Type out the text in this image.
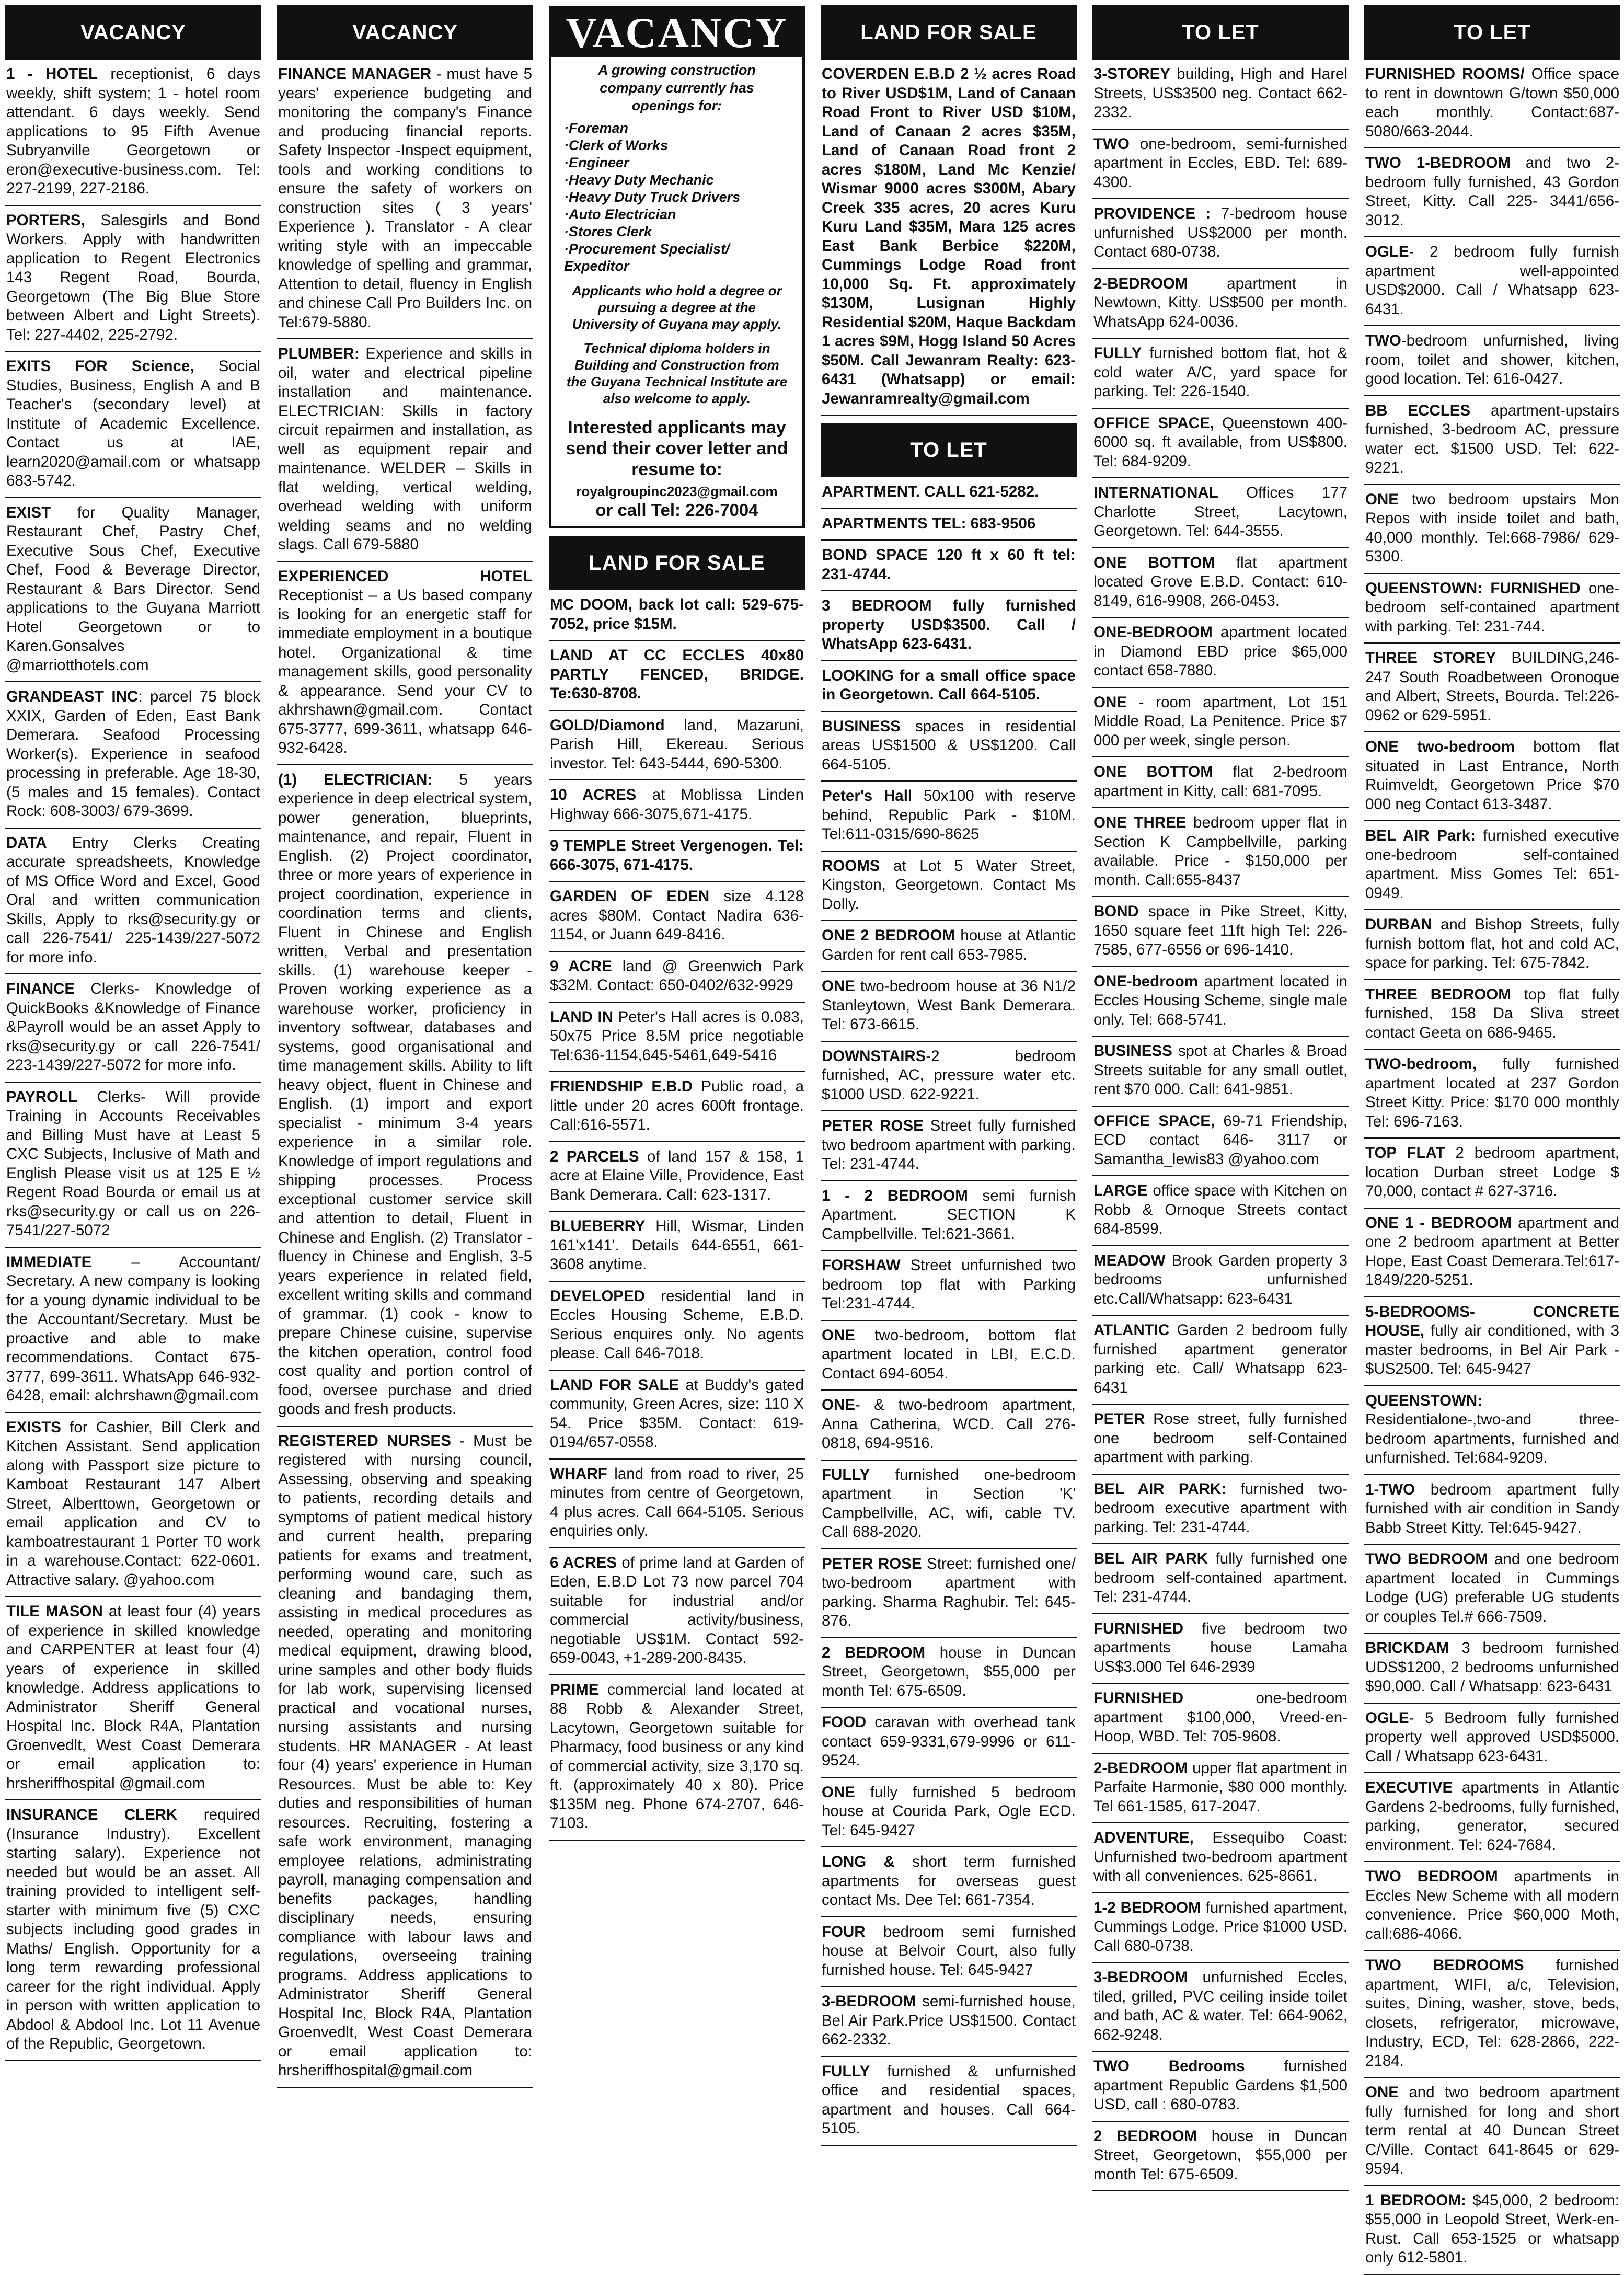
VACANCY
1 - HOTEL receptionist, 6 days weekly, shift system; 1 - hotel room attendant. 6 days weekly. Send applications to 95 Fifth Avenue Subryanville Georgetown or eron@executive-business.com. Tel: 227-2199, 227-2186.
PORTERS, Salesgirls and Bond Workers. Apply with handwritten application to Regent Electronics 143 Regent Road, Bourda, Georgetown (The Big Blue Store between Albert and Light Streets). Tel: 227-4402, 225-2792.
EXITS FOR Science, Social Studies, Business, English A and B Teacher's (secondary level) at Institute of Academic Excellence. Contact us at IAE, learn2020@amail.com or whatsapp 683-5742.
EXIST for Quality Manager, Restaurant Chef, Pastry Chef, Executive Sous Chef, Executive Chef, Food & Beverage Director, Restaurant & Bars Director. Send applications to the Guyana Marriott Hotel Georgetown or to Karen.Gonsalves @marriotthotels.com
GRANDEAST INC: parcel 75 block XXIX, Garden of Eden, East Bank Demerara. Seafood Processing Worker(s). Experience in seafood processing in preferable. Age 18-30, (5 males and 15 females). Contact Rock: 608-3003/ 679-3699.
DATA Entry Clerks Creating accurate spreadsheets, Knowledge of MS Office Word and Excel, Good Oral and written communication Skills, Apply to rks@security.gy or call 226-7541/ 225-1439/227-5072 for more info.
FINANCE Clerks- Knowledge of QuickBooks &Knowledge of Finance &Payroll would be an asset Apply to rks@security.gy or call 226-7541/ 223-1439/227-5072 for more info.
PAYROLL Clerks- Will provide Training in Accounts Receivables and Billing Must have at Least 5 CXC Subjects, Inclusive of Math and English Please visit us at 125 E ½ Regent Road Bourda or email us at rks@security.gy or call us on 226-7541/227-5072
IMMEDIATE – Accountant/ Secretary. A new company is looking for a young dynamic individual to be the Accountant/Secretary. Must be proactive and able to make recommendations. Contact 675-3777, 699-3611. WhatsApp 646-932-6428, email: alchrshawn@gmail.com
EXISTS for Cashier, Bill Clerk and Kitchen Assistant. Send application along with Passport size picture to Kamboat Restaurant 147 Albert Street, Alberttown, Georgetown or email application and CV to kamboatrestaurant 1 Porter T0 work in a warehouse.Contact: 622-0601. Attractive salary. @yahoo.com
TILE MASON at least four (4) years of experience in skilled knowledge and CARPENTER at least four (4) years of experience in skilled knowledge. Address applications to Administrator Sheriff General Hospital Inc. Block R4A, Plantation Groenvedlt, West Coast Demerara or email application to: hrsheriffhospital @gmail.com
INSURANCE CLERK required (Insurance Industry). Excellent starting salary). Experience not needed but would be an asset. All training provided to intelligent self-starter with minimum five (5) CXC subjects including good grades in Maths/ English. Opportunity for a long term rewarding professional career for the right individual. Apply in person with written application to Abdool & Abdool Inc. Lot 11 Avenue of the Republic, Georgetown.
VACANCY
FINANCE MANAGER - must have 5 years' experience budgeting and monitoring the company's Finance and producing financial reports. Safety Inspector -Inspect equipment, tools and working conditions to ensure the safety of workers on construction sites ( 3 years' Experience ). Translator - A clear writing style with an impeccable knowledge of spelling and grammar, Attention to detail, fluency in English and chinese Call Pro Builders Inc. on Tel:679-5880.
PLUMBER: Experience and skills in oil, water and electrical pipeline installation and maintenance. ELECTRICIAN: Skills in factory circuit repairmen and installation, as well as equipment repair and maintenance. WELDER – Skills in flat welding, vertical welding, overhead welding with uniform welding seams and no welding slags. Call 679-5880
EXPERIENCED HOTEL Receptionist – a Us based company is looking for an energetic staff for immediate employment in a boutique hotel. Organizational & time management skills, good personality & appearance. Send your CV to akhrshawn@gmail.com. Contact 675-3777, 699-3611, whatsapp 646-932-6428.
(1) ELECTRICIAN: 5 years experience in deep electrical system, power generation, blueprints, maintenance, and repair, Fluent in English. (2) Project coordinator, three or more years of experience in project coordination, experience in coordination terms and clients, Fluent in Chinese and English written, Verbal and presentation skills. (1) warehouse keeper - Proven working experience as a warehouse worker, proficiency in inventory softwear, databases and systems, good organisational and time management skills. Ability to lift heavy object, fluent in Chinese and English. (1) import and export specialist - minimum 3-4 years experience in a similar role. Knowledge of import regulations and shipping processes. Process exceptional customer service skill and attention to detail, Fluent in Chinese and English. (2) Translator - fluency in Chinese and English, 3-5 years experience in related field, excellent writing skills and command of grammar. (1) cook - know to prepare Chinese cuisine, supervise the kitchen operation, control food cost quality and portion control of food, oversee purchase and dried goods and fresh products.
REGISTERED NURSES - Must be registered with nursing council, Assessing, observing and speaking to patients, recording details and symptoms of patient medical history and current health, preparing patients for exams and treatment, performing wound care, such as cleaning and bandaging them, assisting in medical procedures as needed, operating and monitoring medical equipment, drawing blood, urine samples and other body fluids for lab work, supervising licensed practical and vocational nurses, nursing assistants and nursing students. HR MANAGER - At least four (4) years' experience in Human Resources. Must be able to: Key duties and responsibilities of human resources. Recruiting, fostering a safe work environment, managing employee relations, administrating payroll, managing compensation and benefits packages, handling disciplinary needs, ensuring compliance with labour laws and regulations, overseeing training programs. Address applications to Administrator Sheriff General Hospital Inc, Block R4A, Plantation Groenvedlt, West Coast Demerara or email application to: hrsheriffhospital@gmail.com
VACANCY
A growing construction company currently has openings for:
· Foreman
· Clerk of Works
· Engineer
· Heavy Duty Mechanic
· Heavy Duty Truck Drivers
· Auto Electrician
· Stores Clerk
· Procurement Specialist/ Expeditor
Applicants who hold a degree or pursuing a degree at the University of Guyana may apply.
Technical diploma holders in Building and Construction from the Guyana Technical Institute are also welcome to apply.
Interested applicants may send their cover letter and resume to:
royalgroupinc2023@gmail.com
or call Tel: 226-7004
LAND FOR SALE
MC DOOM, back lot call: 529-675-7052, price $15M.
LAND AT CC ECCLES 40x80 PARTLY FENCED, BRIDGE. Te:630-8708.
GOLD/Diamond land, Mazaruni, Parish Hill, Ekereau. Serious investor. Tel: 643-5444, 690-5300.
10 ACRES at Moblissa Linden Highway 666-3075,671-4175.
9 TEMPLE Street Vergenogen. Tel: 666-3075, 671-4175.
GARDEN OF EDEN size 4.128 acres $80M. Contact Nadira 636-1154, or Juann 649-8416.
9 ACRE land @ Greenwich Park $32M. Contact: 650-0402/632-9929
LAND IN Peter's Hall acres is 0.083, 50x75 Price 8.5M price negotiable Tel:636-1154,645-5461,649-5416
FRIENDSHIP E.B.D Public road, a little under 20 acres 600ft frontage. Call:616-5571.
2 PARCELS of land 157 & 158, 1 acre at Elaine Ville, Providence, East Bank Demerara. Call: 623-1317.
BLUEBERRY Hill, Wismar, Linden 161'x141'. Details 644-6551, 661-3608 anytime.
DEVELOPED residential land in Eccles Housing Scheme, E.B.D. Serious enquires only. No agents please. Call 646-7018.
LAND FOR SALE at Buddy's gated community, Green Acres, size: 110 X 54. Price $35M. Contact: 619-0194/657-0558.
WHARF land from road to river, 25 minutes from centre of Georgetown, 4 plus acres. Call 664-5105. Serious enquiries only.
6 ACRES of prime land at Garden of Eden, E.B.D Lot 73 now parcel 704 suitable for industrial and/or commercial activity/business, negotiable US$1M. Contact 592-659-0043, +1-289-200-8435.
PRIME commercial land located at 88 Robb & Alexander Street, Lacytown, Georgetown suitable for Pharmacy, food business or any kind of commercial activity, size 3,170 sq. ft. (approximately 40 x 80). Price $135M neg. Phone 674-2707, 646-7103.
LAND FOR SALE
COVERDEN E.B.D 2 ½ acres Road to River USD$1M, Land of Canaan Road Front to River USD $10M, Land of Canaan 2 acres $35M, Land of Canaan Road front 2 acres $180M, Land Mc Kenzie/ Wismar 9000 acres $300M, Abary Creek 335 acres, 20 acres Kuru Kuru Land $35M, Mara 125 acres East Bank Berbice $220M, Cummings Lodge Road front 10,000 Sq. Ft. approximately $130M, Lusignan Highly Residential $20M, Haque Backdam 1 acres $9M, Hogg Island 50 Acres $50M. Call Jewanram Realty: 623-6431 (Whatsapp) or email: Jewanramrealty@gmail.com
TO LET
APARTMENT. CALL 621-5282.
APARTMENTS TEL: 683-9506
BOND SPACE 120 ft x 60 ft tel: 231-4744.
3 BEDROOM fully furnished property USD$3500. Call / WhatsApp 623-6431.
LOOKING for a small office space in Georgetown. Call 664-5105.
BUSINESS spaces in residential areas US$1500 & US$1200. Call 664-5105.
Peter's Hall 50x100 with reserve behind, Republic Park - $10M. Tel:611-0315/690-8625
ROOMS at Lot 5 Water Street, Kingston, Georgetown. Contact Ms Dolly.
ONE 2 BEDROOM house at Atlantic Garden for rent call 653-7985.
ONE two-bedroom house at 36 N1/2 Stanleytown, West Bank Demerara. Tel: 673-6615.
DOWNSTAIRS-2 bedroom furnished, AC, pressure water etc. $1000 USD. 622-9221.
PETER ROSE Street fully furnished two bedroom apartment with parking. Tel: 231-4744.
1 - 2 BEDROOM semi furnish Apartment. SECTION K Campbellville. Tel:621-3661.
FORSHAW Street unfurnished two bedroom top flat with Parking Tel:231-4744.
ONE two-bedroom, bottom flat apartment located in LBI, E.C.D. Contact 694-6054.
ONE- & two-bedroom apartment, Anna Catherina, WCD. Call 276-0818, 694-9516.
FULLY furnished one-bedroom apartment in Section 'K' Campbellville, AC, wifi, cable TV. Call 688-2020.
PETER ROSE Street: furnished one/ two-bedroom apartment with parking. Sharma Raghubir. Tel: 645-876.
2 BEDROOM house in Duncan Street, Georgetown, $55,000 per month Tel: 675-6509.
FOOD caravan with overhead tank contact 659-9331,679-9996 or 611-9524.
ONE fully furnished 5 bedroom house at Courida Park, Ogle ECD. Tel: 645-9427
LONG & short term furnished apartments for overseas guest contact Ms. Dee Tel: 661-7354.
FOUR bedroom semi furnished house at Belvoir Court, also fully furnished house. Tel: 645-9427
3-BEDROOM semi-furnished house, Bel Air Park.Price US$1500. Contact 662-2332.
FULLY furnished & unfurnished office and residential spaces, apartment and houses. Call 664-5105.
TO LET
3-STOREY building, High and Harel Streets, US$3500 neg. Contact 662-2332.
TWO one-bedroom, semi-furnished apartment in Eccles, EBD. Tel: 689-4300.
PROVIDENCE : 7-bedroom house unfurnished US$2000 per month. Contact 680-0738.
2-BEDROOM apartment in Newtown, Kitty. US$500 per month. WhatsApp 624-0036.
FULLY furnished bottom flat, hot & cold water A/C, yard space for parking. Tel: 226-1540.
OFFICE SPACE, Queenstown 400-6000 sq. ft available, from US$800. Tel: 684-9209.
INTERNATIONAL Offices 177 Charlotte Street, Lacytown, Georgetown. Tel: 644-3555.
ONE BOTTOM flat apartment located Grove E.B.D. Contact: 610-8149, 616-9908, 266-0453.
ONE-BEDROOM apartment located in Diamond EBD price $65,000 contact 658-7880.
ONE - room apartment, Lot 151 Middle Road, La Penitence. Price $7 000 per week, single person.
ONE BOTTOM flat 2-bedroom apartment in Kitty, call: 681-7095.
ONE THREE bedroom upper flat in Section K Campbellville, parking available. Price - $150,000 per month. Call:655-8437
BOND space in Pike Street, Kitty, 1650 square feet 11ft high Tel: 226-7585, 677-6556 or 696-1410.
ONE-bedroom apartment located in Eccles Housing Scheme, single male only. Tel: 668-5741.
BUSINESS spot at Charles & Broad Streets suitable for any small outlet, rent $70 000. Call: 641-9851.
OFFICE SPACE, 69-71 Friendship, ECD contact 646- 3117 or Samantha_lewis83 @yahoo.com
LARGE office space with Kitchen on Robb & Ornoque Streets contact 684-8599.
MEADOW Brook Garden property 3 bedrooms unfurnished etc.Call/Whatsapp: 623-6431
ATLANTIC Garden 2 bedroom fully furnished apartment generator parking etc. Call/ Whatsapp 623-6431
PETER Rose street, fully furnished one bedroom self-Contained apartment with parking.
BEL AIR PARK: furnished two-bedroom executive apartment with parking. Tel: 231-4744.
BEL AIR PARK fully furnished one bedroom self-contained apartment. Tel: 231-4744.
FURNISHED five bedroom two apartments house Lamaha US$3.000 Tel 646-2939
FURNISHED one-bedroom apartment $100,000, Vreed-en-Hoop, WBD. Tel: 705-9608.
2-BEDROOM upper flat apartment in Parfaite Harmonie, $80 000 monthly. Tel 661-1585, 617-2047.
ADVENTURE, Essequibo Coast: Unfurnished two-bedroom apartment with all conveniences. 625-8661.
1-2 BEDROOM furnished apartment, Cummings Lodge. Price $1000 USD. Call 680-0738.
3-BEDROOM unfurnished Eccles, tiled, grilled, PVC ceiling inside toilet and bath, AC & water. Tel: 664-9062, 662-9248.
TWO Bedrooms furnished apartment Republic Gardens $1,500 USD, call : 680-0783.
2 BEDROOM house in Duncan Street, Georgetown, $55,000 per month Tel: 675-6509.
TO LET
FURNISHED ROOMS/ Office space to rent in downtown G/town $50,000 each monthly. Contact:687-5080/663-2044.
TWO 1-BEDROOM and two 2-bedroom fully furnished, 43 Gordon Street, Kitty. Call 225- 3441/656-3012.
OGLE- 2 bedroom fully furnish apartment well-appointed USD$2000. Call / Whatsapp 623-6431.
TWO-bedroom unfurnished, living room, toilet and shower, kitchen, good location. Tel: 616-0427.
BB ECCLES apartment-upstairs furnished, 3-bedroom AC, pressure water ect. $1500 USD. Tel: 622-9221.
ONE two bedroom upstairs Mon Repos with inside toilet and bath, 40,000 monthly. Tel:668-7986/ 629-5300.
QUEENSTOWN: FURNISHED one-bedroom self-contained apartment with parking. Tel: 231-744.
THREE STOREY BUILDING,246-247 South Roadbetween Oronoque and Albert, Streets, Bourda. Tel:226-0962 or 629-5951.
ONE two-bedroom bottom flat situated in Last Entrance, North Ruimveldt, Georgetown Price $70 000 neg Contact 613-3487.
BEL AIR Park: furnished executive one-bedroom self-contained apartment. Miss Gomes Tel: 651-0949.
DURBAN and Bishop Streets, fully furnish bottom flat, hot and cold AC, space for parking. Tel: 675-7842.
THREE BEDROOM top flat fully furnished, 158 Da Sliva street contact Geeta on 686-9465.
TWO-bedroom, fully furnished apartment located at 237 Gordon Street Kitty. Price: $170 000 monthly Tel: 696-7163.
TOP FLAT 2 bedroom apartment, location Durban street Lodge $ 70,000, contact # 627-3716.
ONE 1 - BEDROOM apartment and one 2 bedroom apartment at Better Hope, East Coast Demerara.Tel:617-1849/220-5251.
5-BEDROOMS- CONCRETE HOUSE, fully air conditioned, with 3 master bedrooms, in Bel Air Park - $US2500. Tel: 645-9427
QUEENSTOWN: Residentialone-,two-and three-bedroom apartments, furnished and unfurnished. Tel:684-9209.
1-TWO bedroom apartment fully furnished with air condition in Sandy Babb Street Kitty. Tel:645-9427.
TWO BEDROOM and one bedroom apartment located in Cummings Lodge (UG) preferable UG students or couples Tel.# 666-7509.
BRICKDAM 3 bedroom furnished UDS$1200, 2 bedrooms unfurnished $90,000. Call / Whatsapp: 623-6431
OGLE- 5 Bedroom fully furnished property well approved USD$5000. Call / Whatsapp 623-6431.
EXECUTIVE apartments in Atlantic Gardens 2-bedrooms, fully furnished, parking, generator, secured environment. Tel: 624-7684.
TWO BEDROOM apartments in Eccles New Scheme with all modern convenience. Price $60,000 Moth, call:686-4066.
TWO BEDROOMS furnished apartment, WIFI, a/c, Television, suites, Dining, washer, stove, beds, closets, refrigerator, microwave, Industry, ECD, Tel: 628-2866, 222-2184.
ONE and two bedroom apartment fully furnished for long and short term rental at 40 Duncan Street C/Ville. Contact 641-8645 or 629-9594.
1 BEDROOM: $45,000, 2 bedroom: $55,000 in Leopold Street, Werk-en-Rust. Call 653-1525 or whatsapp only 612-5801.
